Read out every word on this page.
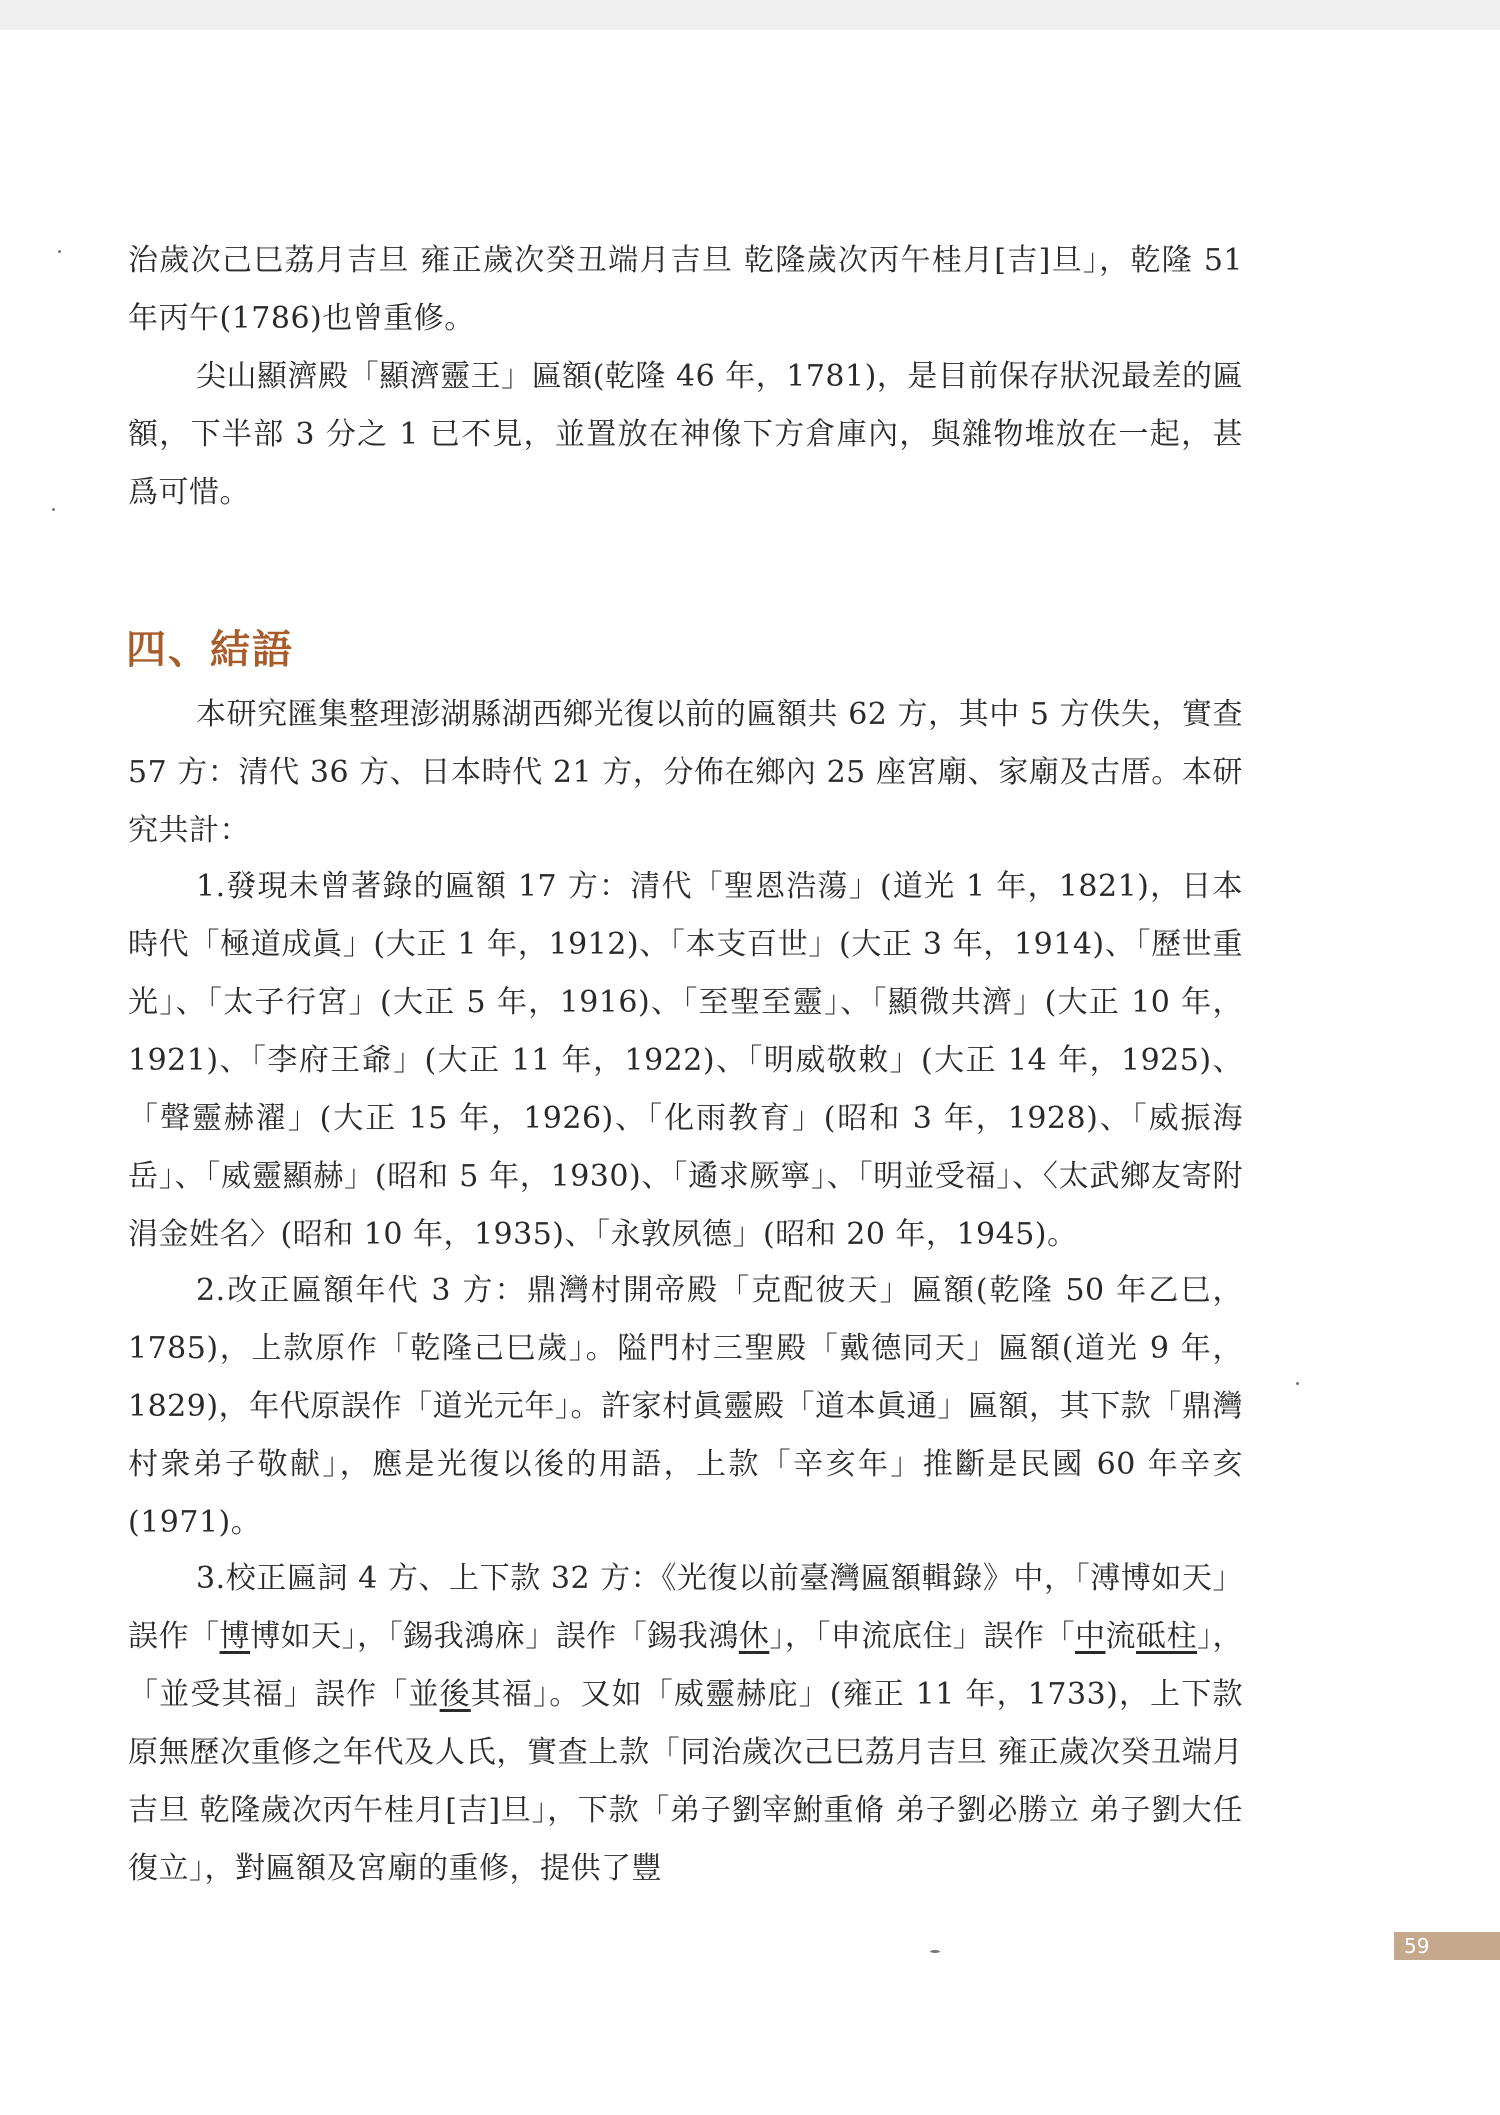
治歲次己巳荔月吉旦 雍正歲次癸丑端月吉旦 乾隆歲次丙午桂月[吉]旦」，乾隆 51 年丙午(1786)也曾重修。

尖山顯濟殿「顯濟靈王」匾額(乾隆 46 年，1781)，是目前保存狀況最差的匾額，下半部 3 分之 1 已不見，並置放在神像下方倉庫內，與雜物堆放在一起，甚爲可惜。

四、結語

本研究匯集整理澎湖縣湖西鄉光復以前的匾額共 62 方，其中 5 方佚失，實查 57 方：清代 36 方、日本時代 21 方，分佈在鄉內 25 座宮廟、家廟及古厝。本研究共計：

1.發現未曾著錄的匾額 17 方：清代「聖恩浩蕩」(道光 1 年，1821)，日本時代「極道成眞」(大正 1 年，1912)、「本支百世」(大正 3 年，1914)、「歷世重光」、「太子行宮」(大正 5 年，1916)、「至聖至靈」、「顯微共濟」(大正 10 年，1921)、「李府王爺」(大正 11 年，1922)、「明威敬敕」(大正 14 年，1925)、「聲靈赫濯」(大正 15 年，1926)、「化雨教育」(昭和 3 年，1928)、「威振海岳」、「威靈顯赫」(昭和 5 年，1930)、「遹求厥寧」、「明並受福」、〈太武鄉友寄附涓金姓名〉(昭和 10 年，1935)、「永敦夙德」(昭和 20 年，1945)。

2.改正匾額年代 3 方：鼎灣村開帝殿「克配彼天」匾額(乾隆 50 年乙巳，1785)，上款原作「乾隆己巳歲」。隘門村三聖殿「戴德同天」匾額(道光 9 年，1829)，年代原誤作「道光元年」。許家村眞靈殿「道本眞通」匾額，其下款「鼎灣村衆弟子敬献」，應是光復以後的用語，上款「辛亥年」推斷是民國 60 年辛亥(1971)。

3.校正匾詞 4 方、上下款 32 方：《光復以前臺灣匾額輯錄》中，「溥博如天」誤作「博博如天」，「錫我鴻庥」誤作「錫我鴻休」，「申流底住」誤作「中流砥柱」，「並受其福」誤作「並後其福」。又如「威靈赫庇」(雍正 11 年，1733)，上下款原無歷次重修之年代及人氏，實查上款「同治歲次己巳荔月吉旦 雍正歲次癸丑端月吉旦 乾隆歲次丙午桂月[吉]旦」，下款「弟子劉宰鮒重脩 弟子劉必勝立 弟子劉大任復立」，對匾額及宮廟的重修，提供了豐

59
